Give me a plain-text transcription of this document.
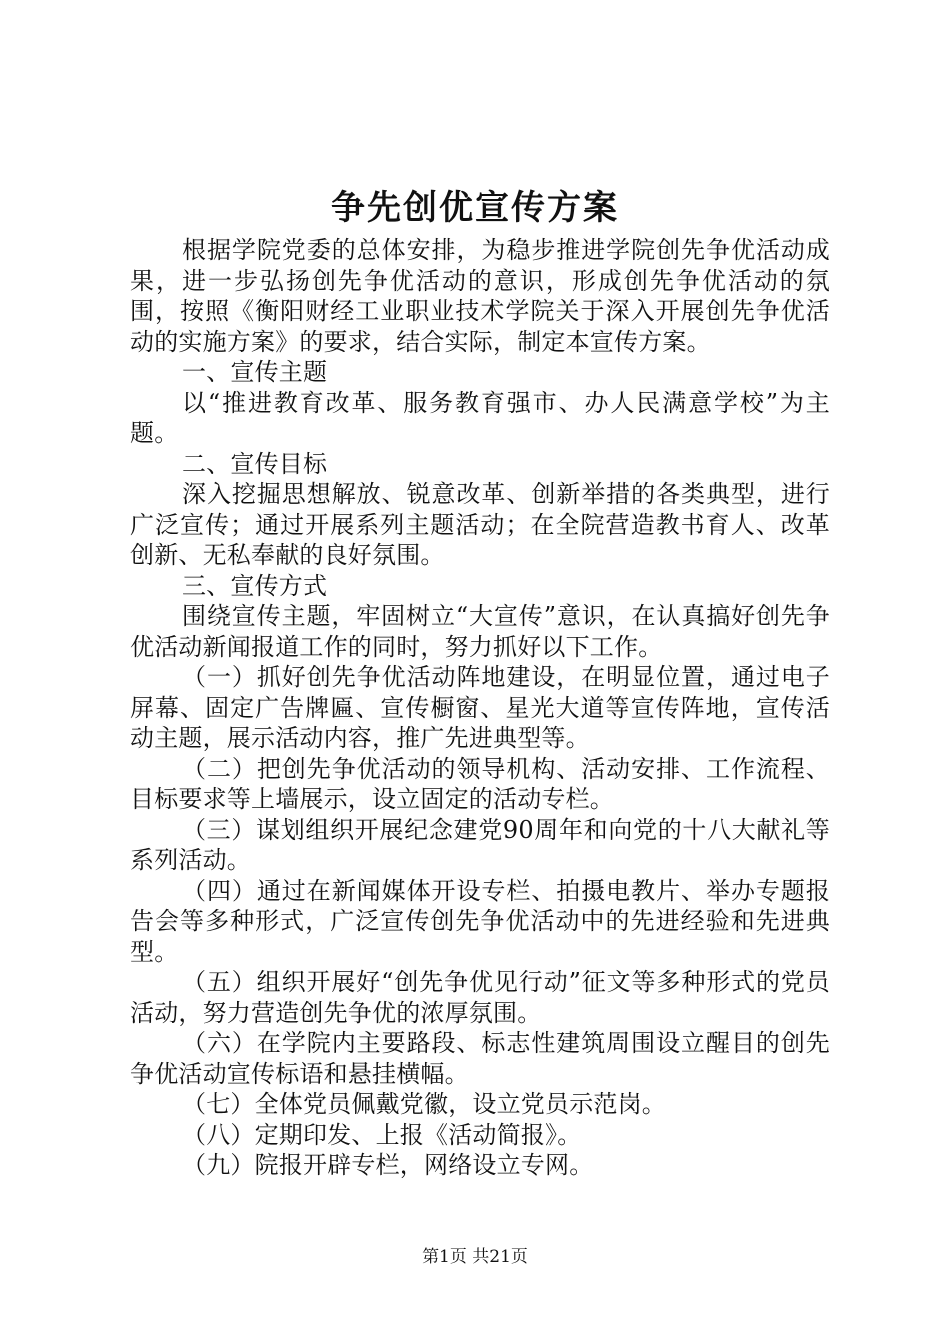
争先创优宣传方案

根据学院党委的总体安排，为稳步推进学院创先争优活动成果，进一步弘扬创先争优活动的意识，形成创先争优活动的氛围，按照《衡阳财经工业职业技术学院关于深入开展创先争优活动的实施方案》的要求，结合实际，制定本宣传方案。

一、宣传主题

以“推进教育改革、服务教育强市、办人民满意学校”为主题。

二、宣传目标

深入挖掘思想解放、锐意改革、创新举措的各类典型，进行广泛宣传；通过开展系列主题活动；在全院营造教书育人、改革创新、无私奉献的良好氛围。

三、宣传方式

围绕宣传主题，牢固树立“大宣传”意识，在认真搞好创先争优活动新闻报道工作的同时，努力抓好以下工作。

（一）抓好创先争优活动阵地建设，在明显位置，通过电子屏幕、固定广告牌匾、宣传橱窗、星光大道等宣传阵地，宣传活动主题，展示活动内容，推广先进典型等。

（二）把创先争优活动的领导机构、活动安排、工作流程、目标要求等上墙展示，设立固定的活动专栏。

（三）谋划组织开展纪念建党90周年和向党的十八大献礼等系列活动。

（四）通过在新闻媒体开设专栏、拍摄电教片、举办专题报告会等多种形式，广泛宣传创先争优活动中的先进经验和先进典型。

（五）组织开展好“创先争优见行动”征文等多种形式的党员活动，努力营造创先争优的浓厚氛围。

（六）在学院内主要路段、标志性建筑周围设立醒目的创先争优活动宣传标语和悬挂横幅。

（七）全体党员佩戴党徽，设立党员示范岗。

（八）定期印发、上报《活动简报》。

（九）院报开辟专栏，网络设立专网。

第1页 共21页
